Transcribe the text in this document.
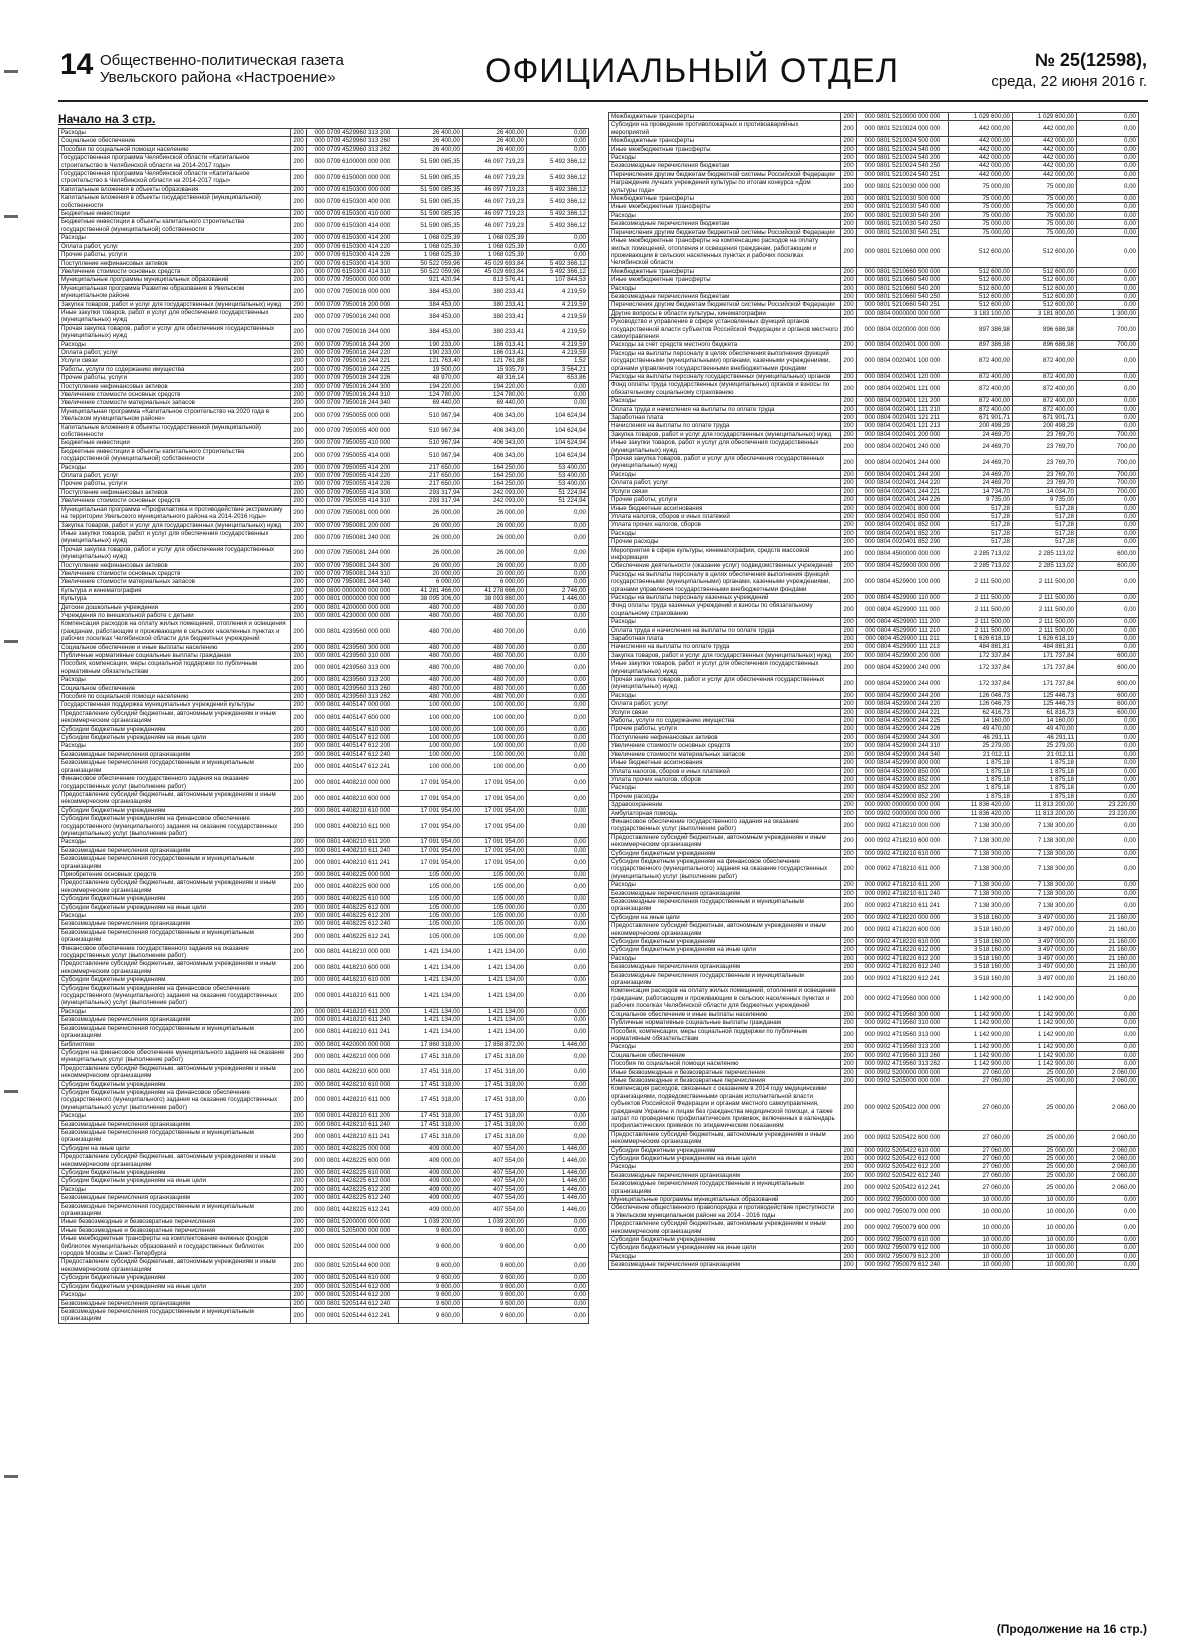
14 Общественно-политическая газета
Увельского района «Настроение»	ОФИЦИАЛЬНЫЙ ОТДЕЛ	№ 25(12598),
среда, 22 июня 2016 г.
Начало на 3 стр.
Расходы	200	000 0709 4529960 313 200	26 400,00	26 400,00	0,00
Социальное обеспечение	200	000 0709 4529960 313 260	26 400,00	26 400,00	0,00
Пособия по социальной помощи населению	200	000 0709 4529960 313 262	26 400,00	26 400,00	0,00
Государственная программа Челябинской области «Капитальное строительство в Челябинской области на 2014-2017 годы»	200	000 0709 6100000 000 000	51 590 085,35	46 097 719,23	5 492 366,12
Государственная программа Челябинской области «Капитальное строительство в Челябинской области на 2014-2017 годы»	200	000 0709 6150000 000 000	51 590 085,35	46 097 719,23	5 492 366,12
Капитальные вложения в объекты образования	200	000 0709 6150300 000 000	51 590 085,35	46 097 719,23	5 492 366,12
Капитальные вложения в объекты государственной (муниципальной) собственности	200	000 0709 6150300 400 000	51 590 085,35	46 097 719,23	5 492 366,12
Бюджетные инвестиции	200	000 0709 6150300 410 000	51 590 085,35	46 097 719,23	5 492 366,12
Бюджетные инвестиции в объекты капитального строительства государственной (муниципальной) собственности	200	000 0709 6150300 414 000	51 590 085,35	46 097 719,23	5 492 366,12
Расходы	200	000 0709 6150300 414 200	1 068 025,39	1 068 025,39	0,00
Оплата работ, услуг	200	000 0709 6150300 414 220	1 068 025,39	1 068 025,39	0,00
Прочие работы, услуги	200	000 0709 6150300 414 226	1 068 025,39	1 068 025,39	0,00
Поступление нефинансовых активов	200	000 0709 6150300 414 300	50 522 059,96	45 029 693,84	5 492 366,12
Увеличение стоимости основных средств	200	000 0709 6150300 414 310	50 522 059,96	45 029 693,84	5 492 366,12
Муниципальные программы муниципальных образований	200	000 0709 7950000 000 000	921 420,94	813 576,41	107 844,53
Муниципальная программа Развитие образования в Увельском муниципальном районе	200	000 0709 7950016 000 000	384 453,00	380 233,41	4 219,59
Закупка товаров, работ и услуг для государственных (муниципальных) нужд	200	000 0709 7950016 200 000	384 453,00	380 233,41	4 219,59
Иные закупки товаров, работ и услуг для обеспечения государственных (муниципальных) нужд	200	000 0709 7950016 240 000	384 453,00	380 233,41	4 219,59
Прочая закупка товаров, работ и услуг для обеспечения государственных (муниципальных) нужд	200	000 0709 7950016 244 000	384 453,00	380 233,41	4 219,59
Расходы	200	000 0709 7950016 244 200	190 233,00	186 013,41	4 219,59
Оплата работ, услуг	200	000 0709 7950016 244 220	190 233,00	186 013,41	4 219,59
Услуги связи	200	000 0709 7950016 244 221	121 763,40	121 761,88	1,52
Работы, услуги по содержанию имущества	200	000 0709 7950016 244 225	19 500,00	15 935,79	3 564,21
Прочие работы, услуги	200	000 0709 7950016 244 226	48 970,00	48 316,14	653,86
Поступление нефинансовых активов	200	000 0709 7950016 244 300	194 220,00	194 220,00	0,00
Увеличение стоимости основных средств	200	000 0709 7950016 244 310	124 780,00	124 780,00	0,00
Увеличение стоимости материальных запасов	200	000 0709 7950016 244 340	69 440,00	69 440,00	0,00
Муниципальная программа «Капитальное строительство на 2020 года в Увельском муниципальном районе»	200	000 0709 7950055 000 000	510 967,94	406 343,00	104 624,94
Капитальные вложения в объекты государственной (муниципальной) собственности	200	000 0709 7950055 400 000	510 967,94	406 343,00	104 624,94
Бюджетные инвестиции	200	000 0709 7950055 410 000	510 967,94	406 343,00	104 624,94
Бюджетные инвестиции в объекты капитального строительства государственной (муниципальной) собственности	200	000 0709 7950055 414 000	510 967,94	406 343,00	104 624,94
Расходы	200	000 0709 7950055 414 200	217 650,00	164 250,00	53 400,00
Оплата работ, услуг	200	000 0709 7950055 414 220	217 650,00	164 250,00	53 400,00
Прочие работы, услуги	200	000 0709 7950055 414 226	217 650,00	164 250,00	53 400,00
Поступление нефинансовых активов	200	000 0709 7950055 414 300	293 317,94	242 093,00	51 224,94
Увеличение стоимости основных средств	200	000 0709 7950055 414 310	293 317,94	242 093,00	51 224,94
Муниципальная программа «Профилактика и противодействие экстремизму на территории Увельского муниципального района на 2014-2016 годы»	200	000 0709 7950081 000 000	26 000,00	26 000,00	0,00
Закупка товаров, работ и услуг для государственных (муниципальных) нужд	200	000 0709 7950081 200 000	26 000,00	26 000,00	0,00
Иные закупки товаров, работ и услуг для обеспечения государственных (муниципальных) нужд	200	000 0709 7950081 240 000	26 000,00	26 000,00	0,00
Прочая закупка товаров, работ и услуг для обеспечения государственных (муниципальных) нужд	200	000 0709 7950081 244 000	26 000,00	26 000,00	0,00
Поступление нефинансовых активов	200	000 0709 7950081 244 300	26 000,00	26 000,00	0,00
Увеличение стоимости основных средств	200	000 0709 7950081 244 310	20 000,00	20 000,00	0,00
Увеличение стоимости материальных запасов	200	000 0709 7950081 244 340	6 000,00	6 000,00	0,00
Культура и кинематография	200	000 0800 0000000 000 000	41 281 466,00	41 278 666,00	2 746,00
Культура	200	000 0801 0000000 000 000	38 095 306,00	38 093 860,00	1 446,00
Детские дошкольные учреждения	200	000 0801 4200000 000 000	480 700,00	480 700,00	0,00
Учреждения по внешкольной работе с детьми	200	000 0801 4230000 000 000	480 700,00	480 700,00	0,00
Компенсация расходов на оплату жилых помещений, отопления и освещения гражданам, работающим и проживающим в сельских населенных пунктах и рабочих поселках Челябинской области для бюджетных учреждений	200	000 0801 4239560 000 000	480 700,00	480 700,00	0,00
Социальное обеспечение и иные выплаты населению	200	000 0801 4239560 300 000	480 700,00	480 700,00	0,00
Публичные нормативные социальные выплаты гражданам	200	000 0801 4239560 310 000	480 700,00	480 700,00	0,00
Пособия, компенсации, меры социальной поддержки по публичным нормативным обязательствам	200	000 0801 4239560 313 000	480 700,00	480 700,00	0,00
Расходы	200	000 0801 4239560 313 200	480 700,00	480 700,00	0,00
Социальное обеспечение	200	000 0801 4239560 313 260	480 700,00	480 700,00	0,00
Пособия по социальной помощи населению	200	000 0801 4239560 313 262	480 700,00	480 700,00	0,00
Государственная поддержка муниципальных учреждений культуры	200	000 0801 4405147 000 000	100 000,00	100 000,00	0,00
Предоставление субсидий бюджетным, автономным учреждениям и иным некоммерческим организациям	200	000 0801 4405147 600 000	100 000,00	100 000,00	0,00
Субсидии бюджетным учреждениям	200	000 0801 4405147 610 000	100 000,00	100 000,00	0,00
Субсидии бюджетным учреждениям на иные цели	200	000 0801 4405147 612 000	100 000,00	100 000,00	0,00
Расходы	200	000 0801 4405147 612 200	100 000,00	100 000,00	0,00
Безвозмездные перечисления организациям	200	000 0801 4405147 612 240	100 000,00	100 000,00	0,00
Безвозмездные перечисления государственным и муниципальным организациям	200	000 0801 4405147 612 241	100 000,00	100 000,00	0,00
Финансовое обеспечение государственного задания на оказание государственных услуг (выполнение работ)	200	000 0801 4408210 000 000	17 091 954,00	17 091 954,00	0,00
Предоставление субсидий бюджетным, автономным учреждениям и иным некоммерческим организациям	200	000 0801 4408210 600 000	17 091 954,00	17 091 954,00	0,00
Субсидии бюджетным учреждениям	200	000 0801 4408210 610 000	17 091 954,00	17 091 954,00	0,00
Субсидии бюджетным учреждениям на финансовое обеспечение государственного (муниципального) задания на оказание государственных (муниципальных) услуг (выполнение работ)	200	000 0801 4408210 611 000	17 091 954,00	17 091 954,00	0,00
Расходы	200	000 0801 4408210 611 200	17 091 954,00	17 091 954,00	0,00
Безвозмездные перечисления организациям	200	000 0801 4408210 611 240	17 091 954,00	17 091 954,00	0,00
Безвозмездные перечисления государственным и муниципальным организациям	200	000 0801 4408210 611 241	17 091 954,00	17 091 954,00	0,00
Приобретение основных средств	200	000 0801 4408225 000 000	105 000,00	105 000,00	0,00
Предоставление субсидий бюджетным, автономным учреждениям и иным некоммерческим организациям	200	000 0801 4408225 600 000	105 000,00	105 000,00	0,00
Субсидии бюджетным учреждениям	200	000 0801 4408225 610 000	105 000,00	105 000,00	0,00
Субсидии бюджетным учреждениям на иные цели	200	000 0801 4408225 612 000	105 000,00	105 000,00	0,00
Расходы	200	000 0801 4408225 612 200	105 000,00	105 000,00	0,00
Безвозмездные перечисления организациям	200	000 0801 4408225 612 240	105 000,00	105 000,00	0,00
Безвозмездные перечисления государственным и муниципальным организациям	200	000 0801 4408225 612 241	105 000,00	105 000,00	0,00
Финансовое обеспечение государственного задания на оказание государственных услуг (выполнение работ)	200	000 0801 4418210 000 000	1 421 134,00	1 421 134,00	0,00
Предоставление субсидий бюджетным, автономным учреждениям и иным некоммерческим организациям	200	000 0801 4418210 600 000	1 421 134,00	1 421 134,00	0,00
Субсидии бюджетным учреждениям	200	000 0801 4418210 610 000	1 421 134,00	1 421 134,00	0,00
Субсидии бюджетным учреждениям на финансовое обеспечение государственного (муниципального) задания на оказание государственных (муниципальных) услуг (выполнение работ)	200	000 0801 4418210 611 000	1 421 134,00	1 421 134,00	0,00
Расходы	200	000 0801 4418210 611 200	1 421 134,00	1 421 134,00	0,00
Безвозмездные перечисления организациям	200	000 0801 4418210 611 240	1 421 134,00	1 421 134,00	0,00
Безвозмездные перечисления государственным и муниципальным организациям	200	000 0801 4418210 611 241	1 421 134,00	1 421 134,00	0,00
Библиотеки	200	000 0801 4420000 000 000	17 860 318,00	17 858 872,00	1 446,00
Субсидии на финансовое обеспечение муниципального задания на оказание муниципальных услуг (выполнение работ)	200	000 0801 4428210 000 000	17 451 318,00	17 451 318,00	0,00
Предоставление субсидий бюджетным, автономным учреждениям и иным некоммерческим организациям	200	000 0801 4428210 600 000	17 451 318,00	17 451 318,00	0,00
Субсидии бюджетным учреждениям	200	000 0801 4428210 610 000	17 451 318,00	17 451 318,00	0,00
Субсидии бюджетным учреждениям на финансовое обеспечение государственного (муниципального) задания на оказание государственных (муниципальных) услуг (выполнение работ)	200	000 0801 4428210 611 000	17 451 318,00	17 451 318,00	0,00
Расходы	200	000 0801 4428210 611 200	17 451 318,00	17 451 318,00	0,00
Безвозмездные перечисления организациям	200	000 0801 4428210 611 240	17 451 318,00	17 451 318,00	0,00
Безвозмездные перечисления государственным и муниципальным организациям	200	000 0801 4428210 611 241	17 451 318,00	17 451 318,00	0,00
Субсидии на иные цели	200	000 0801 4428225 000 000	409 000,00	407 554,00	1 446,00
Предоставление субсидий бюджетным, автономным учреждениям и иным некоммерческим организациям	200	000 0801 4428225 600 000	409 000,00	407 554,00	1 446,00
Субсидии бюджетным учреждениям	200	000 0801 4428225 610 000	409 000,00	407 554,00	1 446,00
Субсидии бюджетным учреждениям на иные цели	200	000 0801 4428225 612 000	409 000,00	407 554,00	1 446,00
Расходы	200	000 0801 4428225 612 200	409 000,00	407 554,00	1 446,00
Безвозмездные перечисления организациям	200	000 0801 4428225 612 240	409 000,00	407 554,00	1 446,00
Безвозмездные перечисления государственным и муниципальным организациям	200	000 0801 4428225 612 241	409 000,00	407 554,00	1 446,00
Иные безвозмездные и безвозвратные перечисления	200	000 0801 5200000 000 000	1 039 200,00	1 039 200,00	0,00
Иные безвозмездные и безвозвратные перечисления	200	000 0801 5205000 000 000	9 600,00	9 600,00	0,00
Иные межбюджетные трансферты на комплектование книжных фондов библиотек муниципальных образований и государственных библиотек городов Москвы и Санкт-Петербурга	200	000 0801 5205144 000 000	9 600,00	9 600,00	0,00
Предоставление субсидий бюджетным, автономным учреждениям и иным некоммерческим организациям	200	000 0801 5205144 600 000	9 600,00	9 600,00	0,00
Субсидии бюджетным учреждениям	200	000 0801 5205144 610 000	9 600,00	9 600,00	0,00
Субсидии бюджетным учреждениям на иные цели	200	000 0801 5205144 612 000	9 600,00	9 600,00	0,00
Расходы	200	000 0801 5205144 612 200	9 600,00	9 600,00	0,00
Безвозмездные перечисления организациям	200	000 0801 5205144 612 240	9 600,00	9 600,00	0,00
Безвозмездные перечисления государственным и муниципальным организациям	200	000 0801 5205144 612 241	9 600,00	9 600,00	0,00
Межбюджетные трансферты	200	000 0801 5210000 000 000	1 029 600,00	1 029 600,00	0,00
Субсидии на проведение противопожарных и противоаварийных мероприятий	200	000 0801 5210024 000 000	442 000,00	442 000,00	0,00
Межбюджетные трансферты	200	000 0801 5210024 500 000	442 000,00	442 000,00	0,00
Иные межбюджетные трансферты	200	000 0801 5210024 540 000	442 000,00	442 000,00	0,00
Расходы	200	000 0801 5210024 540 200	442 000,00	442 000,00	0,00
Безвозмездные перечисления бюджетам	200	000 0801 5210024 540 250	442 000,00	442 000,00	0,00
Перечисления другим бюджетам бюджетной системы Российской Федерации	200	000 0801 5210024 540 251	442 000,00	442 000,00	0,00
Награждение лучших учреждений культуры по итогам конкурса «Дом культуры года»	200	000 0801 5210030 000 000	75 000,00	75 000,00	0,00
Межбюджетные трансферты	200	000 0801 5210030 500 000	75 000,00	75 000,00	0,00
Иные межбюджетные трансферты	200	000 0801 5210030 540 000	75 000,00	75 000,00	0,00
Расходы	200	000 0801 5210030 540 200	75 000,00	75 000,00	0,00
Безвозмездные перечисления бюджетам	200	000 0801 5210030 540 250	75 000,00	75 000,00	0,00
Перечисления другим бюджетам бюджетной системы Российской Федерации	200	000 0801 5210030 540 251	75 000,00	75 000,00	0,00
Иные межбюджетные трансферты на компенсацию расходов на оплату жилых помещений, отопления и освещения гражданам, работающим и проживающим в сельских населенных пунктах и рабочих поселках Челябинской области	200	000 0801 5210660 000 000	512 600,00	512 600,00	0,00
Межбюджетные трансферты	200	000 0801 5210660 500 000	512 600,00	512 600,00	0,00
Иные межбюджетные трансферты	200	000 0801 5210660 540 000	512 600,00	512 600,00	0,00
Расходы	200	000 0801 5210660 540 200	512 600,00	512 600,00	0,00
Безвозмездные перечисления бюджетам	200	000 0801 5210660 540 250	512 600,00	512 600,00	0,00
Перечисления другим бюджетам бюджетной системы Российской Федерации	200	000 0801 5210660 540 251	512 600,00	512 600,00	0,00
Другие вопросы в области культуры, кинематографии	200	000 0804 0000000 000 000	3 183 100,00	3 181 800,00	1 300,00
Руководство и управление в сфере установленных функций органов государственной власти субъектов Российской Федерации и органов местного самоуправления	200	000 0804 0020000 000 000	897 386,98	896 686,98	700,00
Расходы за счёт средств местного бюджета	200	000 0804 0020401 000 000	897 386,98	896 686,98	700,00
Расходы на выплаты персоналу в целях обеспечения выполнения функций государственными (муниципальными) органами, казенными учреждениями, органами управления государственными внебюджетными фондами	200	000 0804 0020401 100 000	872 400,00	872 400,00	0,00
Расходы на выплаты персоналу государственных (муниципальных) органов	200	000 0804 0020401 120 000	872 400,00	872 400,00	0,00
Фонд оплаты труда государственных (муниципальных) органов и взносы по обязательному социальному страхованию	200	000 0804 0020401 121 000	872 400,00	872 400,00	0,00
Расходы	200	000 0804 0020401 121 200	872 400,00	872 400,00	0,00
Оплата труда и начисления на выплаты по оплате труда	200	000 0804 0020401 121 210	872 400,00	872 400,00	0,00
Заработная плата	200	000 0804 0020401 121 211	671 901,71	671 901,71	0,00
Начисления на выплаты по оплате труда	200	000 0804 0020401 121 213	200 498,29	200 498,29	0,00
Закупка товаров, работ и услуг для государственных (муниципальных) нужд	200	000 0804 0020401 200 000	24 469,70	23 769,70	700,00
Иные закупки товаров, работ и услуг для обеспечения государственных (муниципальных) нужд	200	000 0804 0020401 240 000	24 469,70	23 769,70	700,00
Прочая закупка товаров, работ и услуг для обеспечения государственных (муниципальных) нужд	200	000 0804 0020401 244 000	24 469,70	23 769,70	700,00
Расходы	200	000 0804 0020401 244 200	24 469,70	23 769,70	700,00
Оплата работ, услуг	200	000 0804 0020401 244 220	24 469,70	23 769,70	700,00
Услуги связи	200	000 0804 0020401 244 221	14 734,70	14 034,70	700,00
Прочие работы, услуги	200	000 0804 0020401 244 226	9 735,00	9 735,00	0,00
Иные бюджетные ассигнования	200	000 0804 0020401 800 000	517,28	517,28	0,00
Уплата налогов, сборов и иных платежей	200	000 0804 0020401 850 000	517,28	517,28	0,00
Уплата прочих налогов, сборов	200	000 0804 0020401 852 000	517,28	517,28	0,00
Расходы	200	000 0804 0020401 852 200	517,28	517,28	0,00
Прочие расходы	200	000 0804 0020401 852 290	517,28	517,28	0,00
Мероприятия в сфере культуры, кинематографии, средств массовой информации	200	000 0804 4500000 000 000	2 285 713,02	2 285 113,02	600,00
Обеспечение деятельности (оказание услуг) подведомственных учреждений	200	000 0804 4529900 000 000	2 285 713,02	2 285 113,02	600,00
Расходы на выплаты персоналу в целях обеспечения выполнения функций государственными (муниципальными) органами, казенными учреждениями, органами управления государственными внебюджетными фондами	200	000 0804 4529900 100 000	2 111 500,00	2 111 500,00	0,00
Расходы на выплаты персоналу казенных учреждений	200	000 0804 4529900 110 000	2 111 500,00	2 111 500,00	0,00
Фонд оплаты труда казенных учреждений и взносы по обязательному социальному страхованию	200	000 0804 4529900 111 000	2 111 500,00	2 111 500,00	0,00
Расходы	200	000 0804 4529900 111 200	2 111 500,00	2 111 500,00	0,00
Оплата труда и начисления на выплаты по оплате труда	200	000 0804 4529900 111 210	2 111 500,00	2 111 500,00	0,00
Заработная плата	200	000 0804 4529900 111 211	1 626 618,19	1 626 618,19	0,00
Начисления на выплаты по оплате труда	200	000 0804 4529900 111 213	484 881,81	484 881,81	0,00
Закупка товаров, работ и услуг для государственных (муниципальных) нужд	200	000 0804 4529900 200 000	172 337,84	171 737,84	600,00
Иные закупки товаров, работ и услуг для обеспечения государственных (муниципальных) нужд	200	000 0804 4529900 240 000	172 337,84	171 737,84	600,00
Прочая закупка товаров, работ и услуг для обеспечения государственных (муниципальных) нужд	200	000 0804 4529900 244 000	172 337,84	171 737,84	600,00
Расходы	200	000 0804 4529900 244 200	126 046,73	125 446,73	600,00
Оплата работ, услуг	200	000 0804 4529900 244 220	126 046,73	125 446,73	600,00
Услуги связи	200	000 0804 4529900 244 221	62 416,73	61 816,73	600,00
Работы, услуги по содержанию имущества	200	000 0804 4529900 244 225	14 160,00	14 160,00	0,00
Прочие работы, услуги	200	000 0804 4529900 244 226	49 470,00	49 470,00	0,00
Поступление нефинансовых активов	200	000 0804 4529900 244 300	46 291,11	46 291,11	0,00
Увеличение стоимости основных средств	200	000 0804 4529900 244 310	25 279,00	25 279,00	0,00
Увеличение стоимости материальных запасов	200	000 0804 4529900 244 340	21 012,11	21 012,11	0,00
Иные бюджетные ассигнования	200	000 0804 4529900 800 000	1 875,18	1 875,18	0,00
Уплата налогов, сборов и иных платежей	200	000 0804 4529900 850 000	1 875,18	1 875,18	0,00
Уплата прочих налогов, сборов	200	000 0804 4529900 852 000	1 875,18	1 875,18	0,00
Расходы	200	000 0804 4529900 852 200	1 875,18	1 875,18	0,00
Прочие расходы	200	000 0804 4529900 852 290	1 875,18	1 875,18	0,00
Здравоохранение	200	000 0900 0000000 000 000	11 836 420,00	11 813 200,00	23 220,00
Амбулаторная помощь	200	000 0902 0000000 000 000	11 836 420,00	11 813 200,00	23 220,00
Финансовое обеспечение государственного задания на оказание государственных услуг (выполнение работ)	200	000 0902 4718210 000 000	7 138 300,00	7 138 300,00	0,00
Предоставление субсидий бюджетным, автономным учреждениям и иным некоммерческим организациям	200	000 0902 4718210 600 000	7 138 300,00	7 138 300,00	0,00
Субсидии бюджетным учреждениям	200	000 0902 4718210 610 000	7 138 300,00	7 138 300,00	0,00
Субсидии бюджетным учреждениям на финансовое обеспечение государственного (муниципального) задания на оказание государственных (муниципальных) услуг (выполнение работ)	200	000 0902 4718210 611 000	7 138 300,00	7 138 300,00	0,00
Расходы	200	000 0902 4718210 611 200	7 138 300,00	7 138 300,00	0,00
Безвозмездные перечисления организациям	200	000 0902 4718210 611 240	7 138 300,00	7 138 300,00	0,00
Безвозмездные перечисления государственным и муниципальным организациям	200	000 0902 4718210 611 241	7 138 300,00	7 138 300,00	0,00
Субсидии на иные цели	200	000 0902 4718220 000 000	3 518 160,00	3 497 000,00	21 160,00
Предоставление субсидий бюджетным, автономным учреждениям и иным некоммерческим организациям	200	000 0902 4718220 600 000	3 518 160,00	3 497 000,00	21 160,00
Субсидии бюджетным учреждениям	200	000 0902 4718220 610 000	3 518 160,00	3 497 000,00	21 160,00
Субсидии бюджетным учреждениям на иные цели	200	000 0902 4718220 612 000	3 518 160,00	3 497 000,00	21 160,00
Расходы	200	000 0902 4718220 612 200	3 518 160,00	3 497 000,00	21 160,00
Безвозмездные перечисления организациям	200	000 0902 4718220 612 240	3 518 160,00	3 497 000,00	21 160,00
Безвозмездные перечисления государственным и муниципальным организациям	200	000 0902 4718220 612 241	3 518 160,00	3 497 000,00	21 160,00
Компенсация расходов на оплату жилых помещений, отопления и освещения гражданам, работающим и проживающим в сельских населенных пунктах и рабочих поселках Челябинской области для бюджетных учреждений	200	000 0902 4719560 000 000	1 142 900,00	1 142 900,00	0,00
Социальное обеспечение и иные выплаты населению	200	000 0902 4719560 300 000	1 142 900,00	1 142 900,00	0,00
Публичные нормативные социальные выплаты гражданам	200	000 0902 4719560 310 000	1 142 900,00	1 142 900,00	0,00
Пособия, компенсации, меры социальной поддержки по публичным нормативным обязательствам	200	000 0902 4719560 313 000	1 142 900,00	1 142 900,00	0,00
Расходы	200	000 0902 4719560 313 200	1 142 900,00	1 142 900,00	0,00
Социальное обеспечение	200	000 0902 4719560 313 260	1 142 900,00	1 142 900,00	0,00
Пособия по социальной помощи населению	200	000 0902 4719560 313 262	1 142 900,00	1 142 900,00	0,00
Иные безвозмездные и безвозвратные перечисления	200	000 0902 5200000 000 000	27 060,00	25 000,00	2 060,00
Иные безвозмездные и безвозвратные перечисления	200	000 0902 5205000 000 000	27 060,00	25 000,00	2 060,00
Компенсация расходов, связанных с оказанием в 2014 году медицинскими организациями, подведомственными органам исполнительной власти субъектов Российской Федерации и органам местного самоуправления, гражданам Украины и лицам без гражданства медицинской помощи, а также затрат по проведению профилактических прививок, включенных в календарь профилактических прививок по эпидемическим показаниям	200	000 0902 5205422 000 000	27 060,00	25 000,00	2 060,00
Предоставление субсидий бюджетным, автономным учреждениям и иным некоммерческим организациям	200	000 0902 5205422 600 000	27 060,00	25 000,00	2 060,00
Субсидии бюджетным учреждениям	200	000 0902 5205422 610 000	27 060,00	25 000,00	2 060,00
Субсидии бюджетным учреждениям на иные цели	200	000 0902 5205422 612 000	27 060,00	25 000,00	2 060,00
Расходы	200	000 0902 5205422 612 200	27 060,00	25 000,00	2 060,00
Безвозмездные перечисления организациям	200	000 0902 5205422 612 240	27 060,00	25 000,00	2 060,00
Безвозмездные перечисления государственным и муниципальным организациям	200	000 0902 5205422 612 241	27 060,00	25 000,00	2 060,00
Муниципальные программы муниципальных образований	200	000 0902 7950000 000 000	10 000,00	10 000,00	0,00
Обеспечение общественного правопорядка и противодействие преступности в Увельском муниципальном районе на 2014 - 2016 годы	200	000 0902 7950079 000 000	10 000,00	10 000,00	0,00
Предоставление субсидий бюджетным, автономным учреждениям и иным некоммерческим организациям	200	000 0902 7950079 600 000	10 000,00	10 000,00	0,00
Субсидии бюджетным учреждениям	200	000 0902 7950079 610 000	10 000,00	10 000,00	0,00
Субсидии бюджетным учреждениям на иные цели	200	000 0902 7950079 612 000	10 000,00	10 000,00	0,00
Расходы	200	000 0902 7950079 612 200	10 000,00	10 000,00	0,00
Безвозмездные перечисления организациям	200	000 0902 7950079 612 240	10 000,00	10 000,00	0,00
(Продолжение на 16 стр.)
